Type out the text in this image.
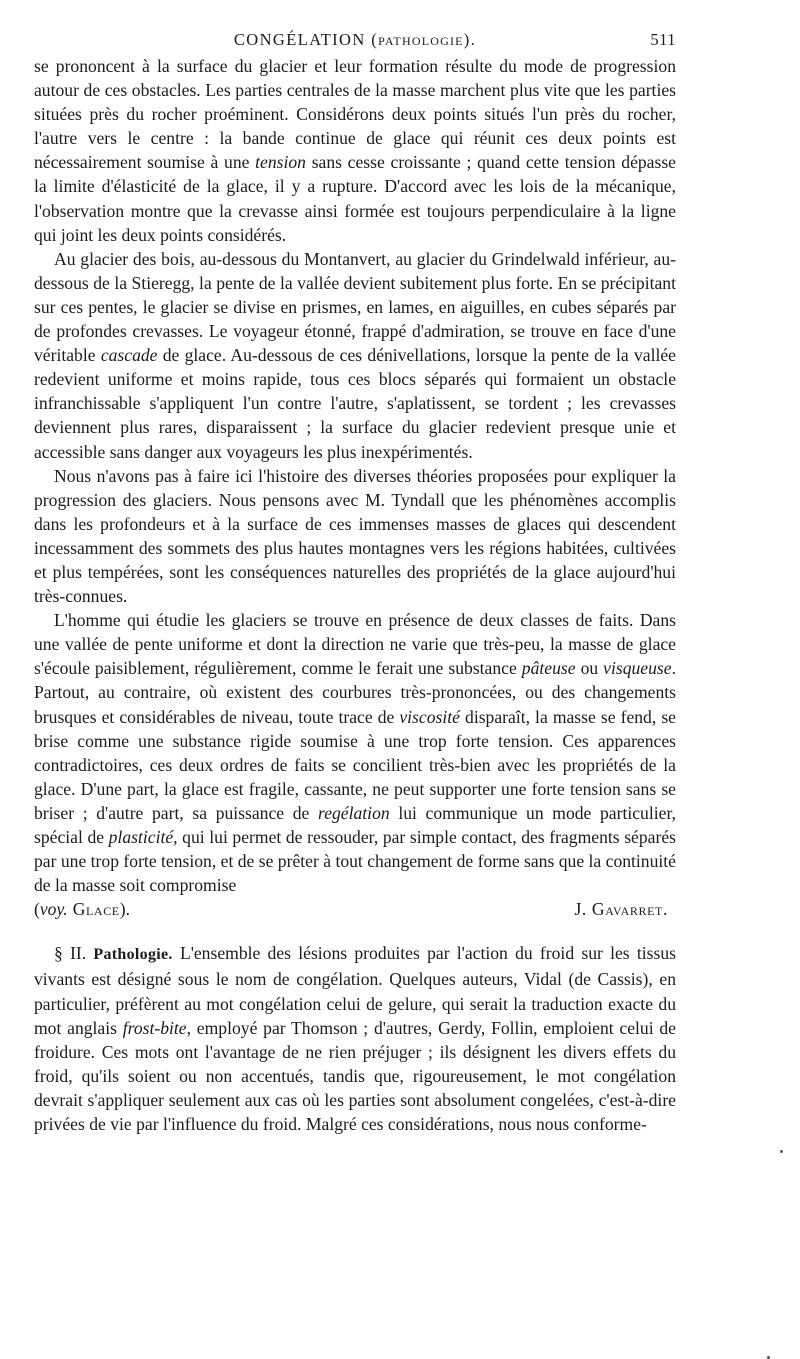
CONGÉLATION (PATHOLOGIE).	511

se prononcent à la surface du glacier et leur formation résulte du mode de progression autour de ces obstacles. Les parties centrales de la masse marchent plus vite que les parties situées près du rocher proéminent. Considérons deux points situés l'un près du rocher, l'autre vers le centre : la bande continue de glace qui réunit ces deux points est nécessairement soumise à une tension sans cesse croissante ; quand cette tension dépasse la limite d'élasticité de la glace, il y a rupture. D'accord avec les lois de la mécanique, l'observation montre que la crevasse ainsi formée est toujours perpendiculaire à la ligne qui joint les deux points considérés.

Au glacier des bois, au-dessous du Montanvert, au glacier du Grindelwald inférieur, au-dessous de la Stieregg, la pente de la vallée devient subitement plus forte. En se précipitant sur ces pentes, le glacier se divise en prismes, en lames, en aiguilles, en cubes séparés par de profondes crevasses. Le voyageur étonné, frappé d'admiration, se trouve en face d'une véritable cascade de glace. Au-dessous de ces dénivellations, lorsque la pente de la vallée redevient uniforme et moins rapide, tous ces blocs séparés qui formaient un obstacle infranchissable s'appliquent l'un contre l'autre, s'aplatissent, se tordent ; les crevasses deviennent plus rares, disparaissent ; la surface du glacier redevient presque unie et accessible sans danger aux voyageurs les plus inexpérimentés.

Nous n'avons pas à faire ici l'histoire des diverses théories proposées pour expliquer la progression des glaciers. Nous pensons avec M. Tyndall que les phénomènes accomplis dans les profondeurs et à la surface de ces immenses masses de glaces qui descendent incessamment des sommets des plus hautes montagnes vers les régions habitées, cultivées et plus tempérées, sont les conséquences naturelles des propriétés de la glace aujourd'hui très-connues.

L'homme qui étudie les glaciers se trouve en présence de deux classes de faits. Dans une vallée de pente uniforme et dont la direction ne varie que très-peu, la masse de glace s'écoule paisiblement, régulièrement, comme le ferait une substance pâteuse ou visqueuse. Partout, au contraire, où existent des courbures très-prononcées, ou des changements brusques et considérables de niveau, toute trace de viscosité disparaît, la masse se fend, se brise comme une substance rigide soumise à une trop forte tension. Ces apparences contradictoires, ces deux ordres de faits se concilient très-bien avec les propriétés de la glace. D'une part, la glace est fragile, cassante, ne peut supporter une forte tension sans se briser ; d'autre part, sa puissance de regélation lui communique un mode particulier, spécial de plasticité, qui lui permet de ressouder, par simple contact, des fragments séparés par une trop forte tension, et de se prêter à tout changement de forme sans que la continuité de la masse soit compromise

(voy. Glace).	J. Gavarret.

§ II. Pathologie. L'ensemble des lésions produites par l'action du froid sur les tissus vivants est désigné sous le nom de congélation. Quelques auteurs, Vidal (de Cassis), en particulier, préfèrent au mot congélation celui de gelure, qui serait la traduction exacte du mot anglais frost-bite, employé par Thomson ; d'autres, Gerdy, Follin, emploient celui de froidure. Ces mots ont l'avantage de ne rien préjuger ; ils désignent les divers effets du froid, qu'ils soient ou non accentués, tandis que, rigoureusement, le mot congélation devrait s'appliquer seulement aux cas où les parties sont absolument congelées, c'est-à-dire privées de vie par l'influence du froid. Malgré ces considérations, nous nous conforme-
